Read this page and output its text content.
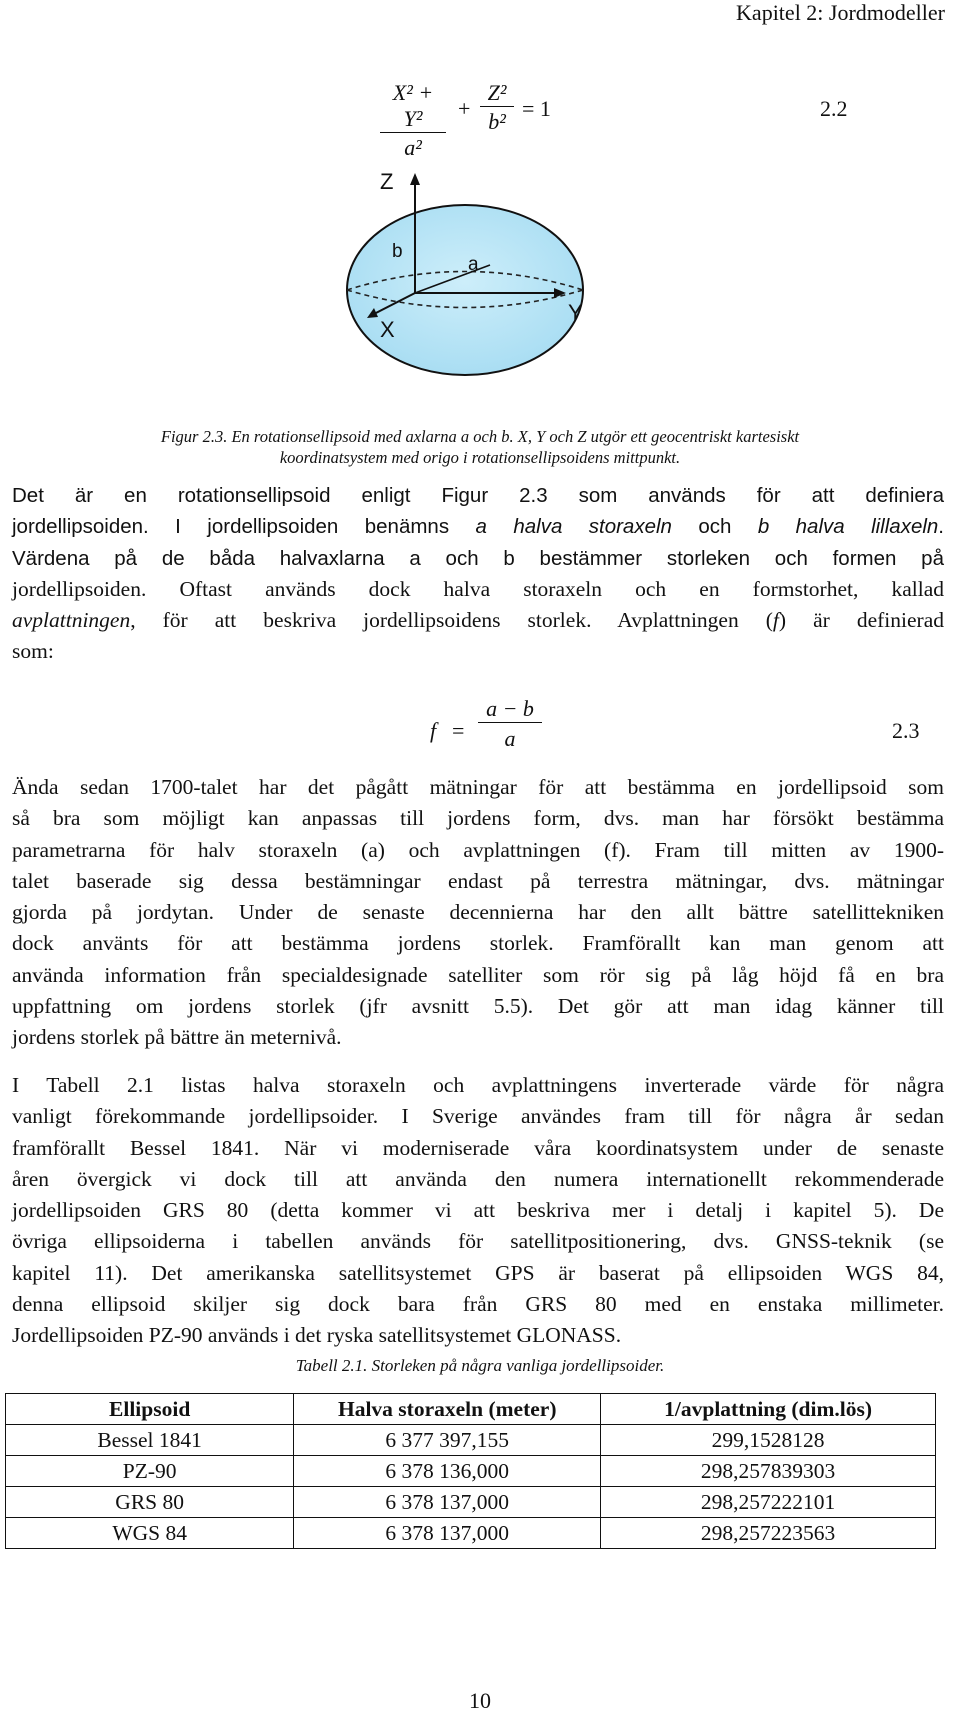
Kapitel 2: Jordmodeller
$\frac{\text{X² + Y²}}{\text{a²}} + \frac{\text{Z²}}{\text{b²}} = 1$	2.2
Z
b
a
Y
X
Figur 2.3. En rotationsellipsoid med axlarna a och b. X, Y och Z utgör ett geocentriskt kartesiskt
koordinatsystem med origo i rotationsellipsoidens mittpunkt.
Det är en rotationsellipsoid enligt Figur 2.3 som används för att definiera
jordellipsoiden. I jordellipsoiden benämns a halva storaxeln och b halva lillaxeln.
Värdena på de båda halvaxlarna a och b bestämmer storleken och formen på
jordellipsoiden. Oftast används dock halva storaxeln och en formstorhet, kallad
avplattningen, för att beskriva jordellipsoidens storlek. Avplattningen (f) är definierad
som:
$f = \frac{a - b}{a}$	2.3
Ända sedan 1700-talet har det pågått mätningar för att bestämma en jordellipsoid som
så bra som möjligt kan anpassas till jordens form, dvs. man har försökt bestämma
parametrarna för halv storaxeln (a) och avplattningen (f). Fram till mitten av 1900-
talet baserade sig dessa bestämningar endast på terrestra mätningar, dvs. mätningar
gjorda på jordytan. Under de senaste decennierna har den allt bättre satellittekniken
dock använts för att bestämma jordens storlek. Framförallt kan man genom att
använda information från specialdesignade satelliter som rör sig på låg höjd få en bra
uppfattning om jordens storlek (jfr avsnitt 5.5). Det gör att man idag känner till
jordens storlek på bättre än meternivå.
I Tabell 2.1 listas halva storaxeln och avplattningens inverterade värde för några
vanligt förekommande jordellipsoider. I Sverige användes fram till för några år sedan
framförallt Bessel 1841. När vi moderniserade våra koordinatsystem under de senaste
åren övergick vi dock till att använda den numera internationellt rekommenderade
jordellipsoiden GRS 80 (detta kommer vi att beskriva mer i detalj i kapitel 5). De
övriga ellipsoiderna i tabellen används för satellitpositionering, dvs. GNSS-teknik (se
kapitel 11). Det amerikanska satellitsystemet GPS är baserat på ellipsoiden WGS 84,
denna ellipsoid skiljer sig dock bara från GRS 80 med en enstaka millimeter.
Jordellipsoiden PZ-90 används i det ryska satellitsystemet GLONASS.
Tabell 2.1. Storleken på några vanliga jordellipsoider.
Ellipsoid	Halva storaxeln (meter)	1/avplattning (dim.lös)
Bessel 1841	6 377 397,155	299,1528128
PZ-90	6 378 136,000	298,257839303
GRS 80	6 378 137,000	298,257222101
WGS 84	6 378 137,000	298,257223563
10
